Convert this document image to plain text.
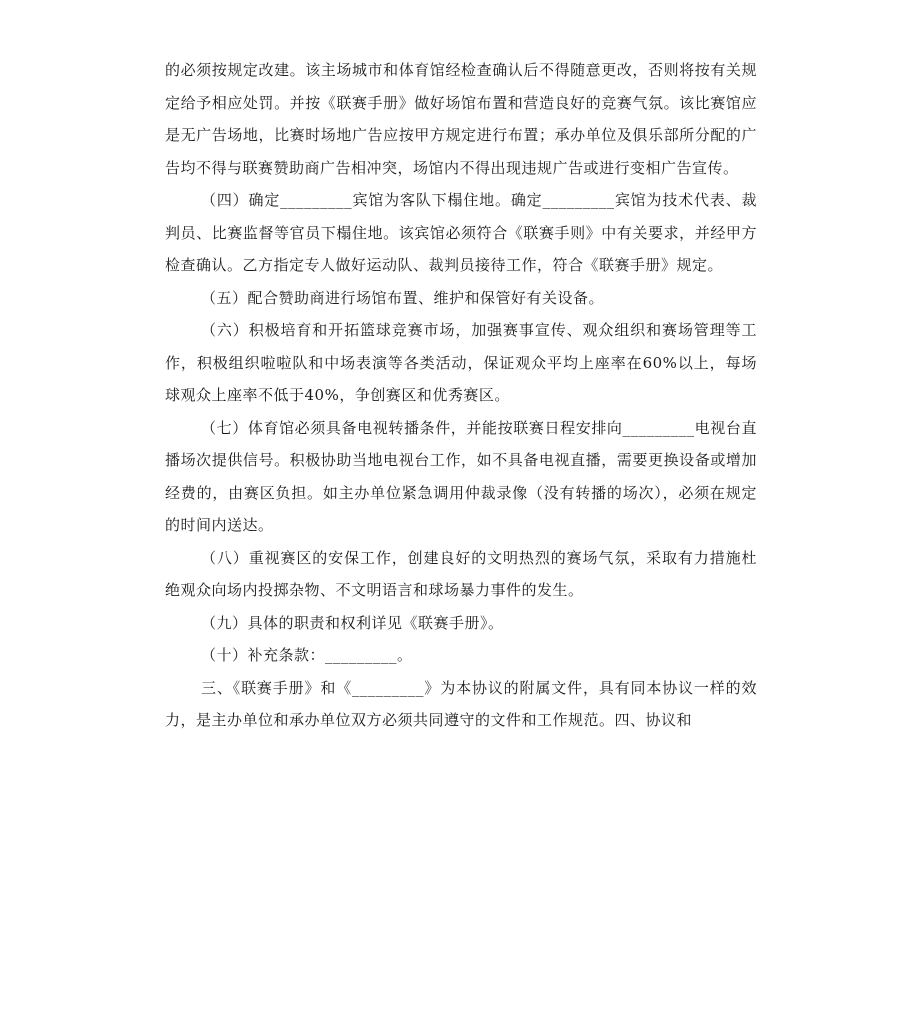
的必须按规定改建。该主场城市和体育馆经检查确认后不得随意更改，否则将按有关规定给予相应处罚。并按《联赛手册》做好场馆布置和营造良好的竞赛气氛。该比赛馆应是无广告场地，比赛时场地广告应按甲方规定进行布置；承办单位及俱乐部所分配的广告均不得与联赛赞助商广告相冲突，场馆内不得出现违规广告或进行变相广告宣传。

（四）确定_________宾馆为客队下榻住地。确定_________宾馆为技术代表、裁判员、比赛监督等官员下榻住地。该宾馆必须符合《联赛手则》中有关要求，并经甲方检查确认。乙方指定专人做好运动队、裁判员接待工作，符合《联赛手册》规定。

（五）配合赞助商进行场馆布置、维护和保管好有关设备。

（六）积极培育和开拓篮球竞赛市场，加强赛事宣传、观众组织和赛场管理等工作，积极组织啦啦队和中场表演等各类活动，保证观众平均上座率在60%以上，每场球观众上座率不低于40%，争创赛区和优秀赛区。

（七）体育馆必须具备电视转播条件，并能按联赛日程安排向_________电视台直播场次提供信号。积极协助当地电视台工作，如不具备电视直播，需要更换设备或增加经费的，由赛区负担。如主办单位紧急调用仲裁录像（没有转播的场次），必须在规定的时间内送达。

（八）重视赛区的安保工作，创建良好的文明热烈的赛场气氛，采取有力措施杜绝观众向场内投掷杂物、不文明语言和球场暴力事件的发生。

（九）具体的职责和权利详见《联赛手册》。

（十）补充条款：_________。

三、《联赛手册》和《_________》为本协议的附属文件，具有同本协议一样的效力，是主办单位和承办单位双方必须共同遵守的文件和工作规范。四、协议和
